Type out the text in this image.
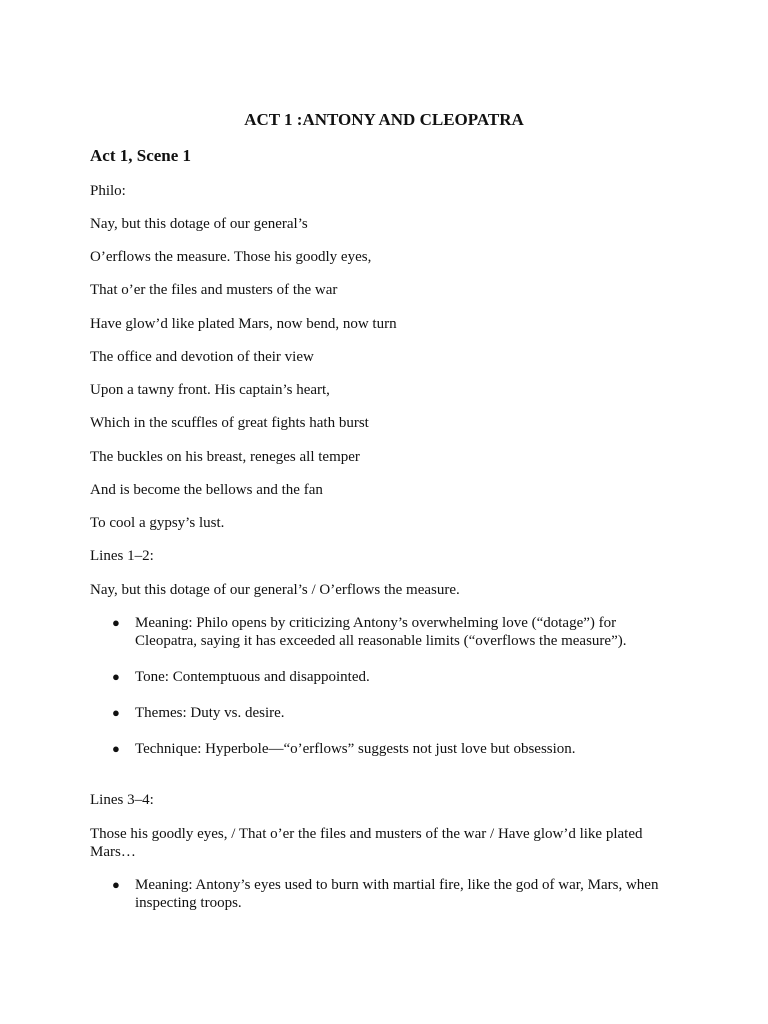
ACT 1 :ANTONY AND CLEOPATRA
Act 1, Scene 1

Philo:

Nay, but this dotage of our general’s

O’erflows the measure. Those his goodly eyes,

That o’er the files and musters of the war

Have glow’d like plated Mars, now bend, now turn

The office and devotion of their view

Upon a tawny front. His captain’s heart,

Which in the scuffles of great fights hath burst

The buckles on his breast, reneges all temper

And is become the bellows and the fan

To cool a gypsy’s lust.

Lines 1–2:

Nay, but this dotage of our general’s / O’erflows the measure.

● Meaning: Philo opens by criticizing Antony’s overwhelming love (“dotage”) for Cleopatra, saying it has exceeded all reasonable limits (“overflows the measure”).
● Tone: Contemptuous and disappointed.
● Themes: Duty vs. desire.
● Technique: Hyperbole—“o’erflows” suggests not just love but obsession.

Lines 3–4:

Those his goodly eyes, / That o’er the files and musters of the war / Have glow’d like plated Mars…

● Meaning: Antony’s eyes used to burn with martial fire, like the god of war, Mars, when inspecting troops.
